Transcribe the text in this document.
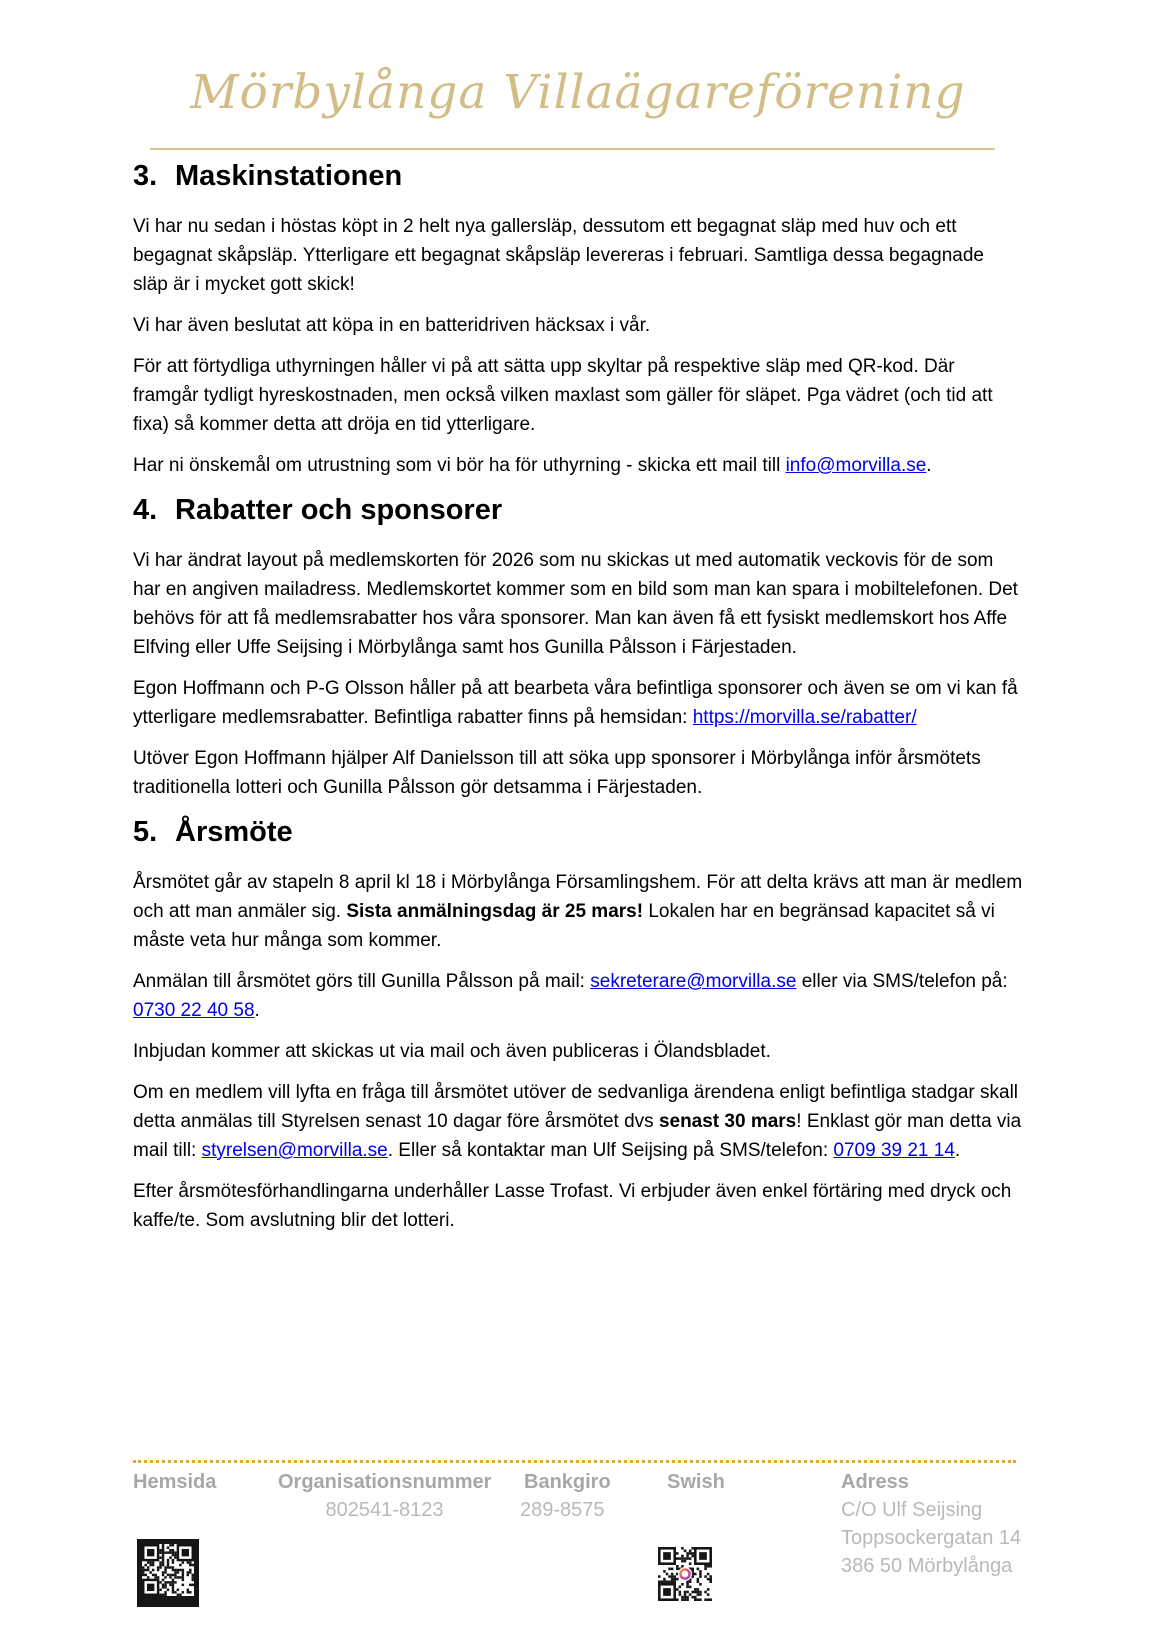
Mörbylånga Villaägareförening
3. Maskinstationen

Vi har nu sedan i höstas köpt in 2 helt nya gallersläp, dessutom ett begagnat släp med huv och ett begagnat skåpsläp. Ytterligare ett begagnat skåpsläp levereras i februari. Samtliga dessa begagnade släp är i mycket gott skick!

Vi har även beslutat att köpa in en batteridriven häcksax i vår.

För att förtydliga uthyrningen håller vi på att sätta upp skyltar på respektive släp med QR-kod. Där framgår tydligt hyreskostnaden, men också vilken maxlast som gäller för släpet. Pga vädret (och tid att fixa) så kommer detta att dröja en tid ytterligare.

Har ni önskemål om utrustning som vi bör ha för uthyrning - skicka ett mail till info@morvilla.se.

4. Rabatter och sponsorer

Vi har ändrat layout på medlemskorten för 2026 som nu skickas ut med automatik veckovis för de som har en angiven mailadress. Medlemskortet kommer som en bild som man kan spara i mobiltelefonen. Det behövs för att få medlemsrabatter hos våra sponsorer. Man kan även få ett fysiskt medlemskort hos Affe Elfving eller Uffe Seijsing i Mörbylånga samt hos Gunilla Pålsson i Färjestaden.

Egon Hoffmann och P-G Olsson håller på att bearbeta våra befintliga sponsorer och även se om vi kan få ytterligare medlemsrabatter. Befintliga rabatter finns på hemsidan: https://morvilla.se/rabatter/

Utöver Egon Hoffmann hjälper Alf Danielsson till att söka upp sponsorer i Mörbylånga inför årsmötets traditionella lotteri och Gunilla Pålsson gör detsamma i Färjestaden.

5. Årsmöte

Årsmötet går av stapeln 8 april kl 18 i Mörbylånga Församlingshem. För att delta krävs att man är medlem och att man anmäler sig. Sista anmälningsdag är 25 mars! Lokalen har en begränsad kapacitet så vi måste veta hur många som kommer.

Anmälan till årsmötet görs till Gunilla Pålsson på mail: sekreterare@morvilla.se eller via SMS/telefon på: 0730 22 40 58.

Inbjudan kommer att skickas ut via mail och även publiceras i Ölandsbladet.

Om en medlem vill lyfta en fråga till årsmötet utöver de sedvanliga ärendena enligt befintliga stadgar skall detta anmälas till Styrelsen senast 10 dagar före årsmötet dvs senast 30 mars! Enklast gör man detta via mail till: styrelsen@morvilla.se. Eller så kontaktar man Ulf Seijsing på SMS/telefon: 0709 39 21 14.

Efter årsmötesförhandlingarna underhåller Lasse Trofast. Vi erbjuder även enkel förtäring med dryck och kaffe/te. Som avslutning blir det lotteri.

Hemsida	Organisationsnummer
802541-8123
Bankgiro
289-8575
Swish	Adress
C/O Ulf Seijsing
Toppsockergatan 14
386 50 Mörbylånga
